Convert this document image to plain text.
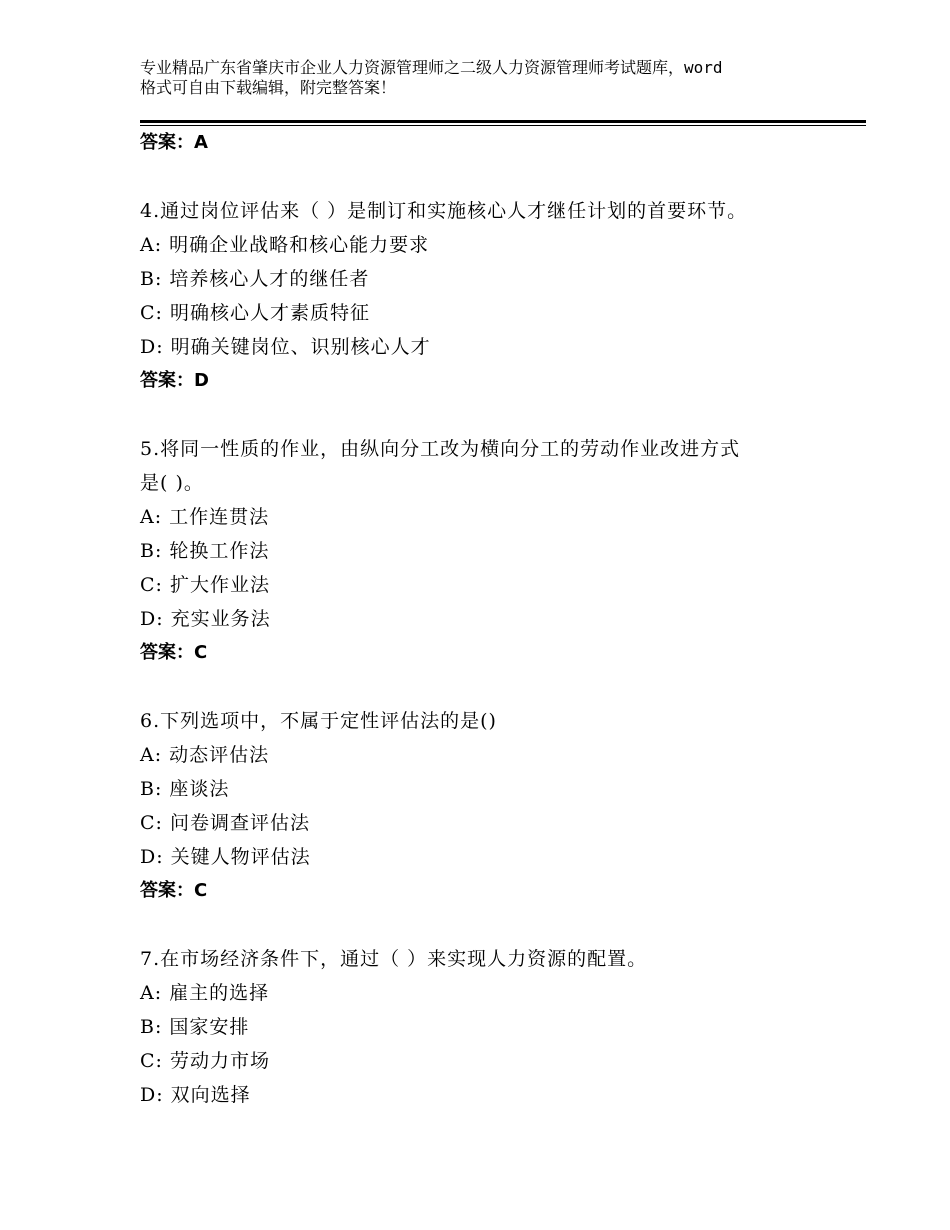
专业精品广东省肇庆市企业人力资源管理师之二级人力资源管理师考试题库，word
格式可自由下载编辑，附完整答案！
答案：A
4.通过岗位评估来（ ）是制订和实施核心人才继任计划的首要环节。
A: 明确企业战略和核心能力要求
B: 培养核心人才的继任者
C: 明确核心人才素质特征
D: 明确关键岗位、识别核心人才
答案：D
5.将同一性质的作业，由纵向分工改为横向分工的劳动作业改进方式
是( )。
A: 工作连贯法
B: 轮换工作法
C: 扩大作业法
D: 充实业务法
答案：C
6.下列选项中，不属于定性评估法的是()
A: 动态评估法
B: 座谈法
C: 问卷调查评估法
D: 关键人物评估法
答案：C
7.在市场经济条件下，通过（ ）来实现人力资源的配置。
A: 雇主的选择
B: 国家安排
C: 劳动力市场
D: 双向选择
